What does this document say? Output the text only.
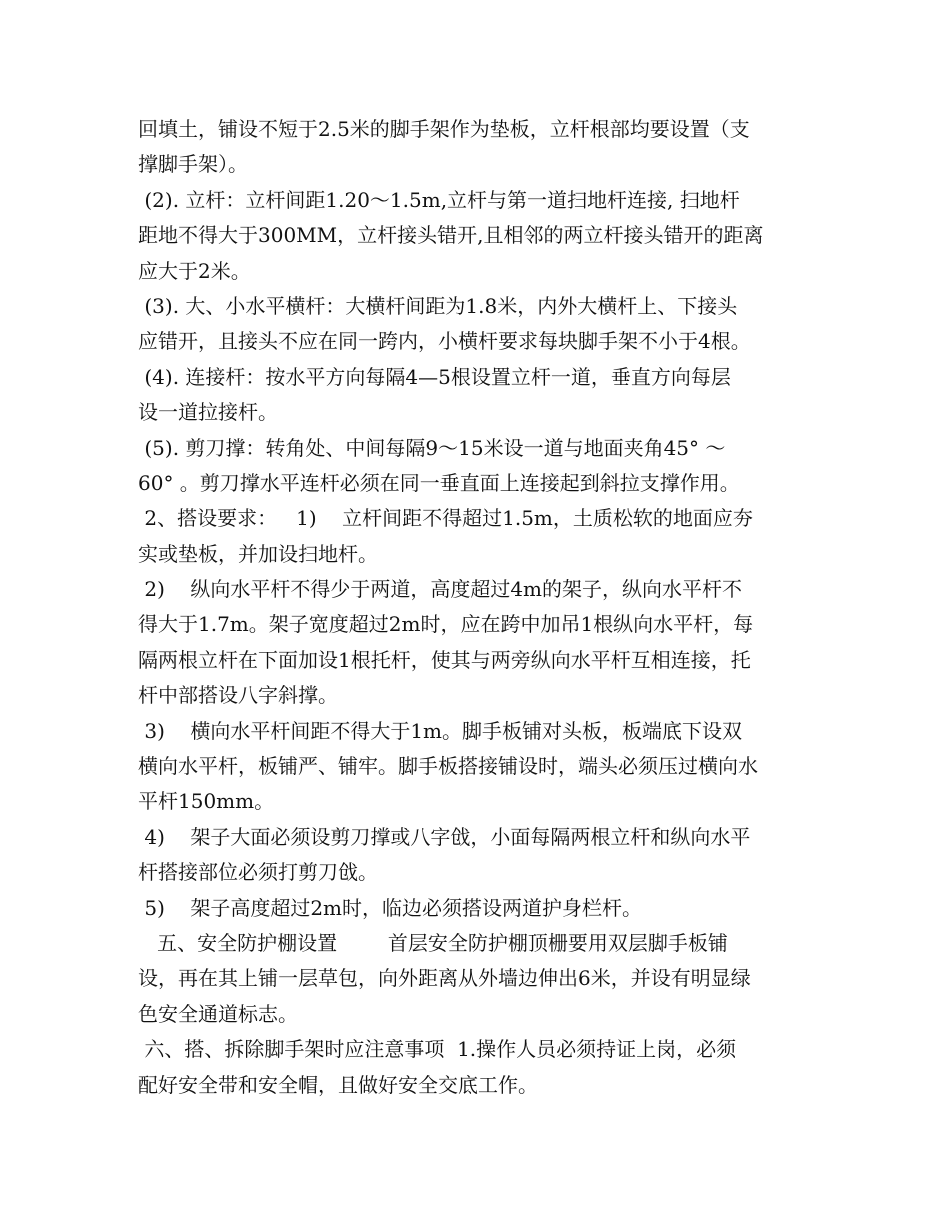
回填土，铺设不短于2.5米的脚手架作为垫板，立杆根部均要设置（支
撑脚手架）。
(2). 立杆：立杆间距1.20～1.5m,立杆与第一道扫地杆连接, 扫地杆
距地不得大于300MM，立杆接头错开,且相邻的两立杆接头错开的距离
应大于2米。
(3). 大、小水平横杆：大横杆间距为1.8米，内外大横杆上、下接头
应错开，且接头不应在同一跨内，小横杆要求每块脚手架不小于4根。
(4). 连接杆：按水平方向每隔4—5根设置立杆一道，垂直方向每层
设一道拉接杆。
(5). 剪刀撑：转角处、中间每隔9～15米设一道与地面夹角45° ～
60° 。剪刀撑水平连杆必须在同一垂直面上连接起到斜拉支撑作用。
2、搭设要求：   1)    立杆间距不得超过1.5m，土质松软的地面应夯
实或垫板，并加设扫地杆。
2)    纵向水平杆不得少于两道，高度超过4m的架子，纵向水平杆不
得大于1.7m。架子宽度超过2m时，应在跨中加吊1根纵向水平杆，每
隔两根立杆在下面加设1根托杆，使其与两旁纵向水平杆互相连接，托
杆中部搭设八字斜撑。
3)    横向水平杆间距不得大于1m。脚手板铺对头板，板端底下设双
横向水平杆，板铺严、铺牢。脚手板搭接铺设时，端头必须压过横向水
平杆150mm。
4)    架子大面必须设剪刀撑或八字戗，小面每隔两根立杆和纵向水平
杆搭接部位必须打剪刀戗。
5)    架子高度超过2m时，临边必须搭设两道护身栏杆。
五、安全防护棚设置        首层安全防护棚顶栅要用双层脚手板铺
设，再在其上铺一层草包，向外距离从外墙边伸出6米，并设有明显绿
色安全通道标志。
六、搭、拆除脚手架时应注意事项  1.操作人员必须持证上岗，必须
配好安全带和安全帽，且做好安全交底工作。
